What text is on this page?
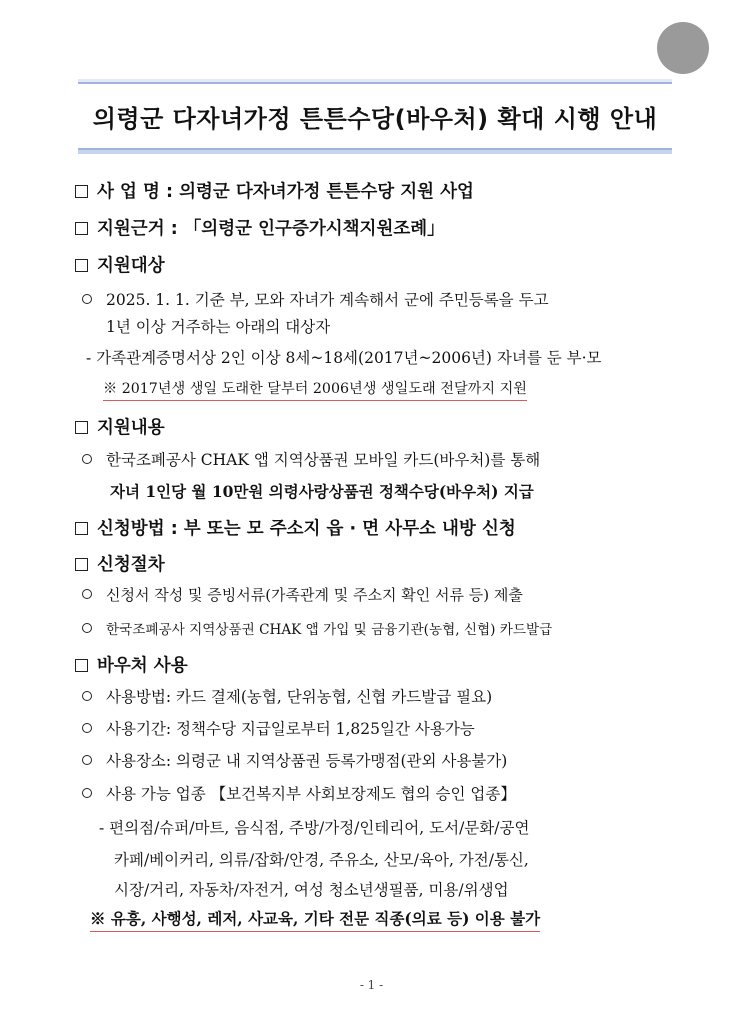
의령군 다자녀가정 튼튼수당(바우처) 확대 시행 안내
사 업 명 : 의령군 다자녀가정 튼튼수당 지원 사업
지원근거 : 「의령군 인구증가시책지원조례」
지원대상
2025. 1. 1. 기준 부, 모와 자녀가 계속해서 군에 주민등록을 두고
1년 이상 거주하는 아래의 대상자
- 가족관계증명서상 2인 이상 8세~18세(2017년~2006년) 자녀를 둔 부·모
※ 2017년생 생일 도래한 달부터 2006년생 생일도래 전달까지 지원
지원내용
한국조폐공사 CHAK 앱 지역상품권 모바일 카드(바우처)를 통해
자녀 1인당 월 10만원 의령사랑상품권 정책수당(바우처) 지급
신청방법 : 부 또는 모 주소지 읍 · 면 사무소 내방 신청
신청절차
신청서 작성 및 증빙서류(가족관계 및 주소지 확인 서류 등) 제출
한국조폐공사 지역상품권 CHAK 앱 가입 및 금융기관(농협, 신협) 카드발급
바우처 사용
사용방법: 카드 결제(농협, 단위농협, 신협 카드발급 필요)
사용기간: 정책수당 지급일로부터 1,825일간 사용가능
사용장소: 의령군 내 지역상품권 등록가맹점(관외 사용불가)
사용 가능 업종 【보건복지부 사회보장제도 협의 승인 업종】
- 편의점/슈퍼/마트, 음식점, 주방/가정/인테리어, 도서/문화/공연
카페/베이커리, 의류/잡화/안경, 주유소, 산모/육아, 가전/통신,
시장/거리, 자동차/자전거, 여성 청소년생필품, 미용/위생업
※ 유흥, 사행성, 레저, 사교육, 기타 전문 직종(의료 등) 이용 불가
- 1 -
